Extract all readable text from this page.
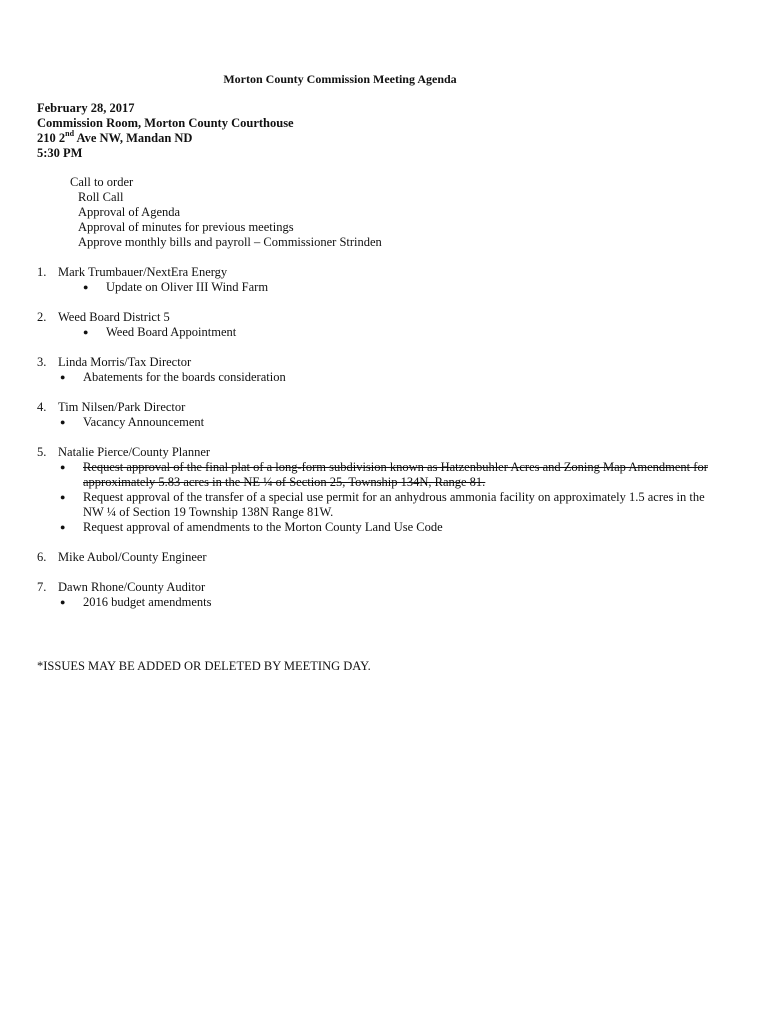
Morton County Commission Meeting Agenda
February 28, 2017
Commission Room, Morton County Courthouse
210 2nd Ave NW, Mandan ND
5:30 PM
Call to order
Roll Call
Approval of Agenda
Approval of minutes for previous meetings
Approve monthly bills and payroll – Commissioner Strinden
1. Mark Trumbauer/NextEra Energy
●	Update on Oliver III Wind Farm
2. Weed Board District 5
●	Weed Board Appointment
3. Linda Morris/Tax Director
●	Abatements for the boards consideration
4. Tim Nilsen/Park Director
●	Vacancy Announcement
5. Natalie Pierce/County Planner
●	Request approval of the final plat of a long-form subdivision known as Hatzenbuhler Acres and Zoning Map Amendment for approximately 5.83 acres in the NE ¼ of Section 25, Township 134N, Range 81.
●	Request approval of the transfer of a special use permit for an anhydrous ammonia facility on approximately 1.5 acres in the NW ¼ of Section 19 Township 138N Range 81W.
●	Request approval of amendments to the Morton County Land Use Code
6. Mike Aubol/County Engineer
7. Dawn Rhone/County Auditor
●	2016 budget amendments
*ISSUES MAY BE ADDED OR DELETED BY MEETING DAY.
